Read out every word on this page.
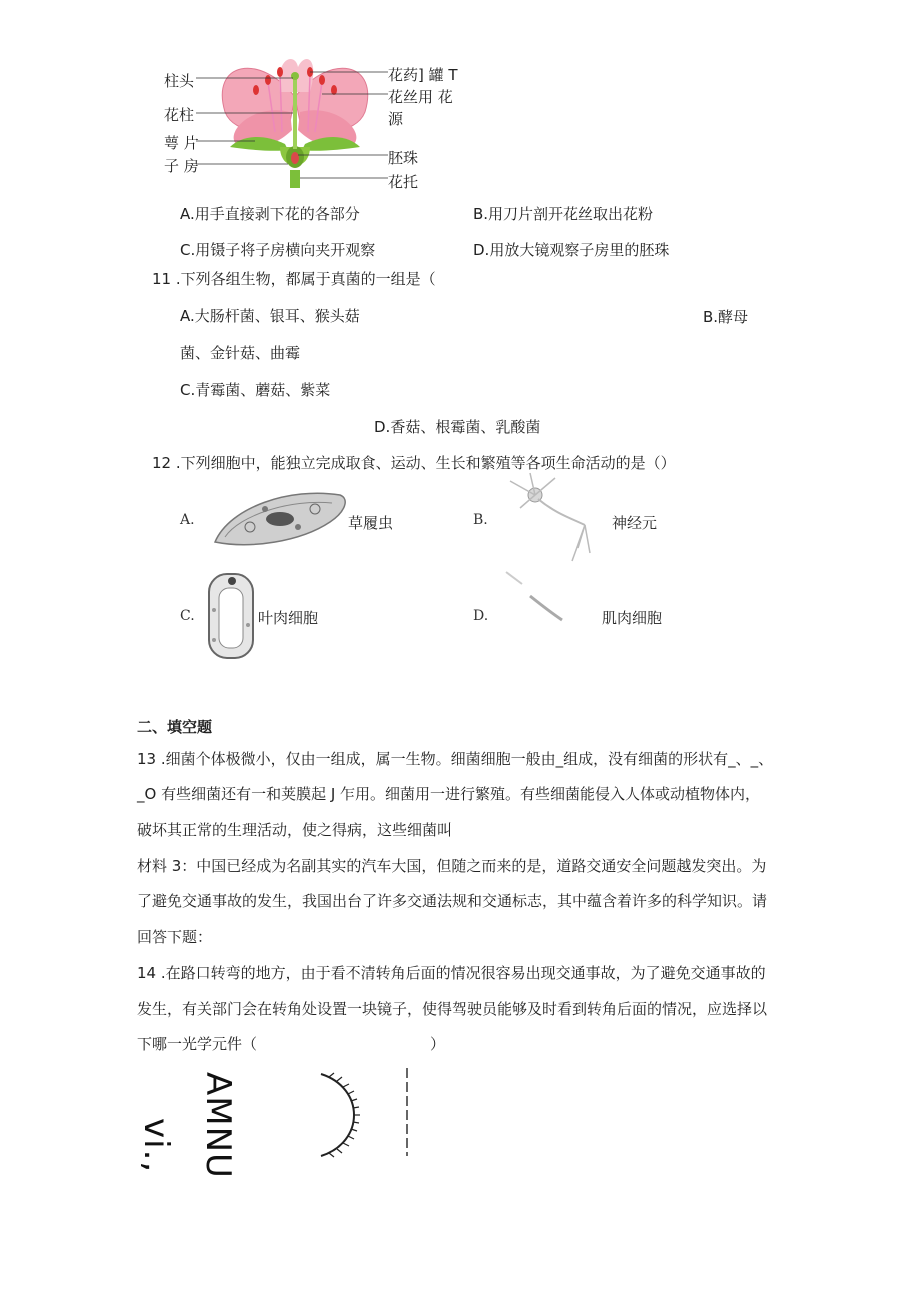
柱头
花柱
萼 片
子 房
花药] 罐 T
花丝用 花
源
胚珠
花托
A.用手直接剥下花的各部分	B.用刀片剖开花丝取出花粉
C.用镊子将子房横向夹开观察	D.用放大镜观察子房里的胚珠
11 .下列各组生物，都属于真菌的一组是（
A.大肠杆菌、银耳、猴头菇	B.酵母
菌、金针菇、曲霉
C.青霉菌、蘑菇、紫菜
D.香菇、根霉菌、乳酸菌
12 .下列细胞中，能独立完成取食、运动、生长和繁殖等各项生命活动的是（）
A.	草履虫	B.	神经元
C.	叶肉细胞	D.	肌肉细胞
二、填空题
13 .细菌个体极微小，仅由一组成，属一生物。细菌细胞一般由_组成，没有细菌的形状有_、_、
_O 有些细菌还有一和荚膜起 J 乍用。细菌用一进行繁殖。有些细菌能侵入人体或动植物体内，
破坏其正常的生理活动，使之得病，这些细菌叫
材料 3：中国已经成为名副其实的汽车大国，但随之而来的是，道路交通安全问题越发突出。为
了避免交通事故的发生，我国出台了许多交通法规和交通标志，其中蕴含着许多的科学知识。请
回答下题：
14 .在路口转弯的地方，由于看不清转角后面的情况很容易出现交通事故，为了避免交通事故的
发生，有关部门会在转角处设置一块镜子，使得驾驶员能够及时看到转角后面的情况，应选择以
下哪一光学元件（	）
vi., AMNU
